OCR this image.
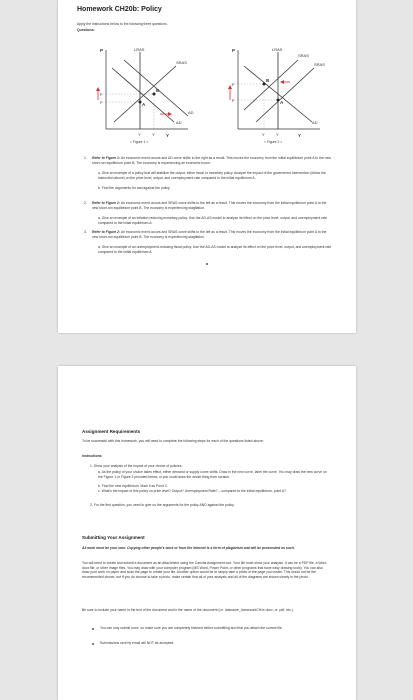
Homework CH20b: Policy
Apply the instructions below to the following three questions.
Questions:
LRAS
SRAS
AD
AD
P
Y
P
P
Y	Y
A
B
< Figure 1 >
LRAS
SRAS
SRAS
AD
P
Y
P
P
Y	Y
A
B
< Figure 2 >
1. Refer to Figure 1: An economic event occurs and AD curve shifts to the right as a result. This moves the economy from the initial equilibrium point A to the new short-run equilibrium point B. The economy is experiencing an economic boom.
a. Give an example of a policy that will stabilize the output, either fiscal or monetary policy. Analyze the impact of the government intervention (follow the instruction above) on the price level, output, and unemployment rate compared to the initial equilibrium A.
b. Find the arguments for and against the policy.
2. Refer to Figure 2: An economic event occurs and SRAS curve shifts to the left as a result. This moves the economy from the initial equilibrium point A to the new short-run equilibrium point B. The economy is experiencing stagflation.
a. Give an example of an inflation-reducing monetary policy. Use the AD-AS model to analyze its effect on the price level, output, and unemployment rate compared to the initial equilibrium A.
3. Refer to Figure 2: An economic event occurs and SRAS curve shifts to the left as a result. This moves the economy from the initial equilibrium point A to the new short-run equilibrium point B. The economy is experiencing stagflation.
a. Give an example of an unemployment-reducing fiscal policy. Use the AD-AS model to analyze its effect on the price level, output, and unemployment rate compared to the initial equilibrium A.
Assignment Requirements
To be successful with this homework, you will need to complete the following steps for each of the questions listed above:
Instructions:
1. Show your analysis of the impact of your choice of policies.
a. As the policy of your choice takes effect, either demand or supply curve shifts. Draw in the new curve, label the curve. You may draw the new curve on the Figure 1 or Figure 2 provided below, or you could draw the whole thing from scratch.
b. Find the new equilibrium. Mark it as Point C.
c. What's the impact of this policy on price level? Output? Unemployment Rate? – compared to the initial equilibrium, point A?
2. For the first question, you need to give us the arguments for the policy AND against the policy.
Submitting Your Assignment
All work must be your own. Copying other people's work or from the Internet is a form of plagiarism and will be prosecuted as such.
You will need to create and submit a document as an attachment using the Canvas Assignment tool. Your file must show your analysis. It can be a PDF file, a Word docx file, or other image files. You may draw with your computer program (MS Word, Power Point, or other programs that have easy drawing tools). You can also draw your work on paper and scan the page to create your file. Another option would be to simply take a photo of the page you create. This would not be the recommended choice, but if you do choose to take a photo, make certain that all of your analysis and all of the diagrams are shown clearly in the photo.
Be sure to include your name in the text of the document and in the name of the document (i.e. lastname_homeworkCHxx.docx, or .pdf, etc.).
You can only submit once, so make sure you are completely finished before submitting and that you attach the correct file.
Submissions sent by email will NOT be accepted.
